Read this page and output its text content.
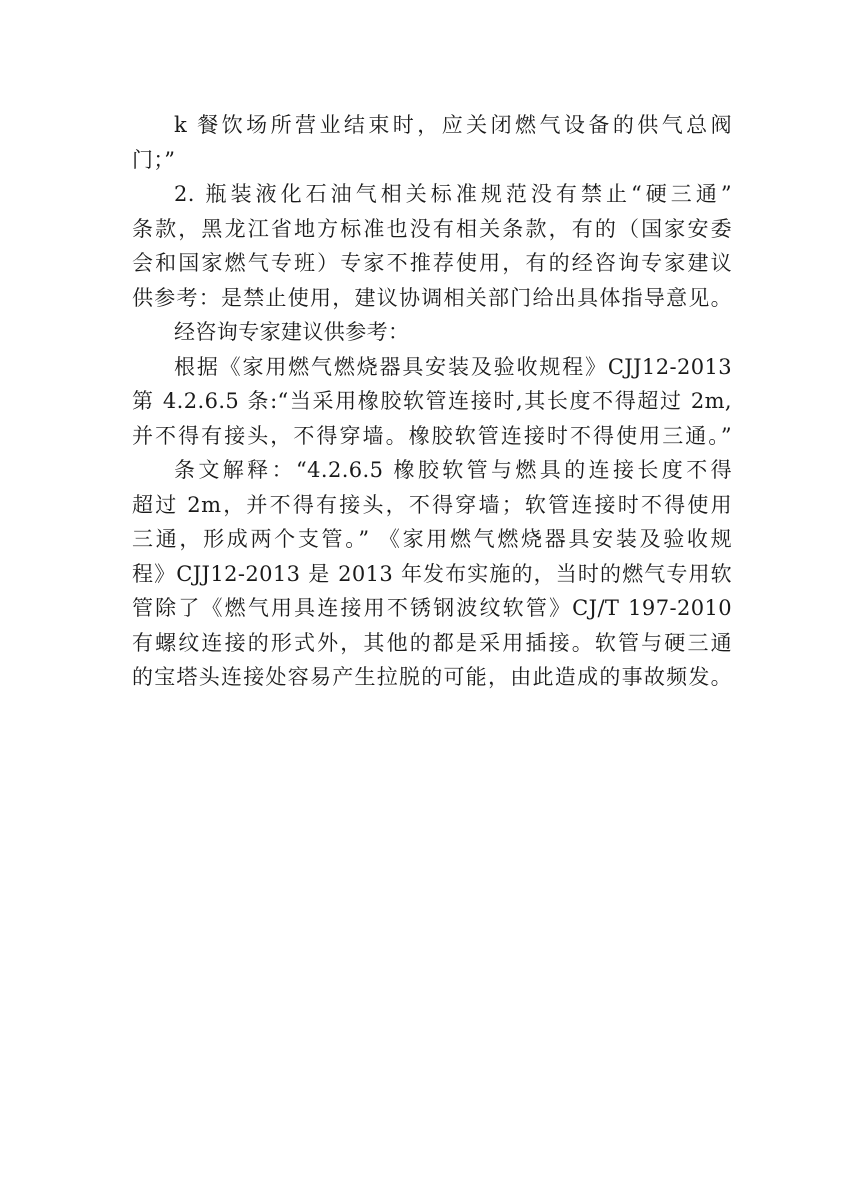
k 餐饮场所营业结束时，应关闭燃气设备的供气总阀
门；”
2. 瓶装液化石油气相关标准规范没有禁止“硬三通”
条款，黑龙江省地方标准也没有相关条款，有的（国家安委
会和国家燃气专班）专家不推荐使用，有的经咨询专家建议
供参考：是禁止使用，建议协调相关部门给出具体指导意见。
经咨询专家建议供参考：
根据《家用燃气燃烧器具安装及验收规程》CJJ12-2013
第 4.2.6.5 条:“当采用橡胶软管连接时,其长度不得超过 2m,
并不得有接头，不得穿墙。橡胶软管连接时不得使用三通。”
条文解释：“4.2.6.5 橡胶软管与燃具的连接长度不得
超过 2m，并不得有接头，不得穿墙；软管连接时不得使用
三通，形成两个支管。” 《家用燃气燃烧器具安装及验收规
程》CJJ12-2013 是 2013 年发布实施的，当时的燃气专用软
管除了《燃气用具连接用不锈钢波纹软管》CJ/T 197-2010
有螺纹连接的形式外，其他的都是采用插接。软管与硬三通
的宝塔头连接处容易产生拉脱的可能，由此造成的事故频发。
